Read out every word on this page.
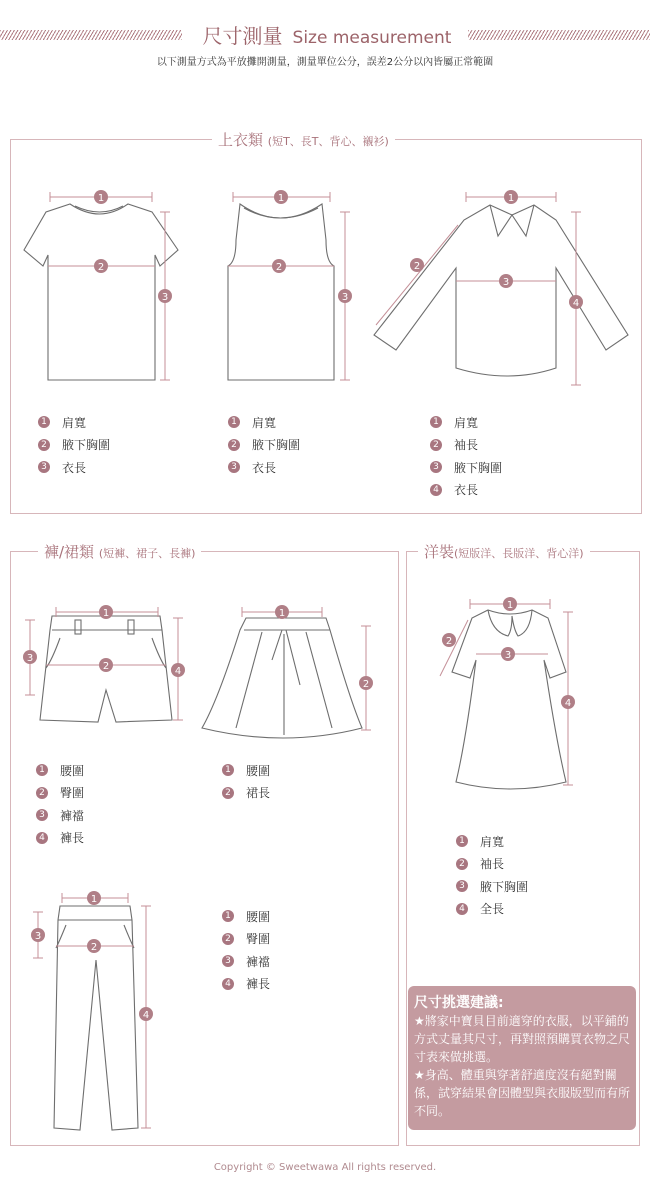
尺寸測量 Size measurement
以下測量方式為平放攤開測量，測量單位公分，誤差2公分以內皆屬正常範圍
上衣類 (短T、長T、背心、襯衫)
1
2
3
1
2
3
1
2
3
4
1
2
3
4
1
2
1
2
3
4
1
2
3
4
1 肩寬
2 腋下胸圍
3 衣長
1 肩寬
2 腋下胸圍
3 衣長
1 肩寬
2 袖長
3 腋下胸圍
4 衣長
褲/裙類 (短褲、裙子、長褲)
1 腰圍
2 臀圍
3 褲襠
4 褲長
1 腰圍
2 裙長
1 腰圍
2 臀圍
3 褲襠
4 褲長
洋裝(短版洋、長版洋、背心洋)
1 肩寬
2 袖長
3 腋下胸圍
4 全長

尺寸挑選建議:

★將家中寶貝目前適穿的衣服，以平鋪的方式丈量其尺寸，再對照預購買衣物之尺寸表來做挑選。

★身高、體重與穿著舒適度沒有絕對關係，試穿結果會因體型與衣服版型而有所不同。

Copyright © Sweetwawa All rights reserved.
